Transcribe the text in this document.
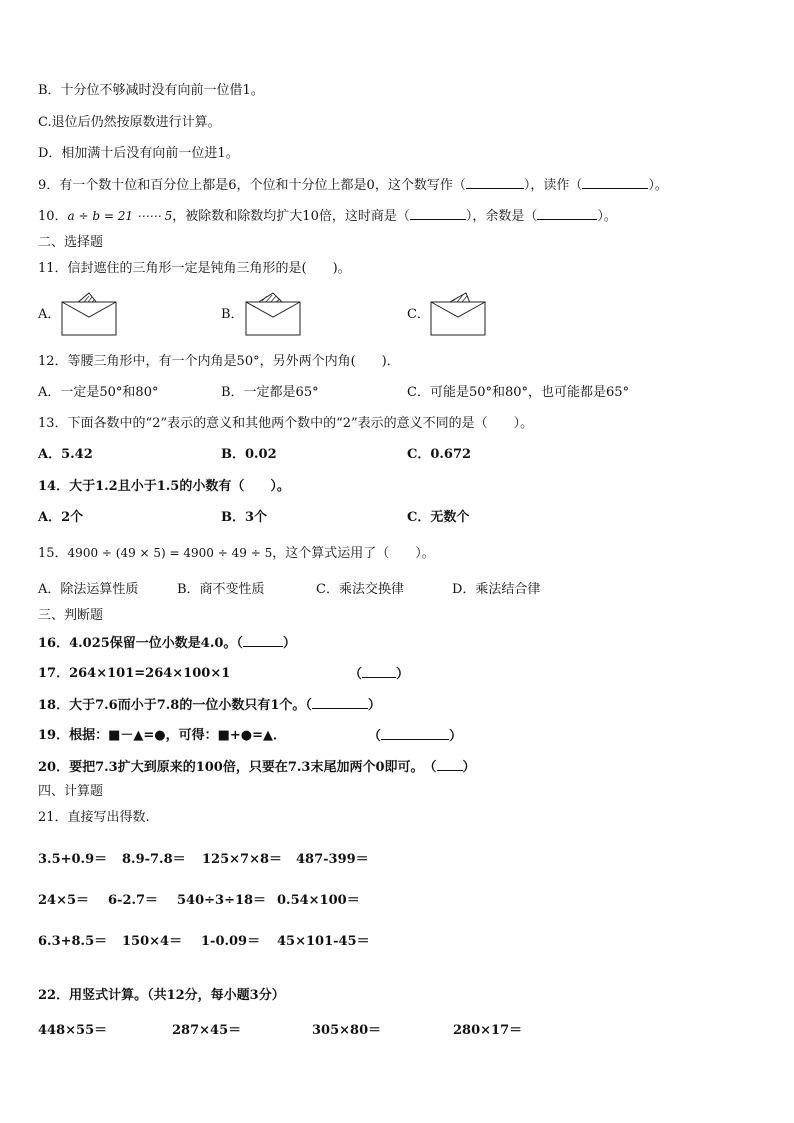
B．十分位不够减时没有向前一位借1。
C.退位后仍然按原数进行计算。
D．相加满十后没有向前一位进1。
9．有一个数十位和百分位上都是6，个位和十分位上都是0，这个数写作（	），读作（	）。
10．a ÷ b = 21 ⋯⋯ 5，被除数和除数均扩大10倍，这时商是（	），余数是（	）。
二、选择题
11．信封遮住的三角形一定是钝角三角形的是(　　)。
A．	B．	C．
12．等腰三角形中，有一个内角是50°，另外两个内角(　　)．
A．一定是50°和80°	B．一定都是65°	C．可能是50°和80°，也可能都是65°
13．下面各数中的“2”表示的意义和其他两个数中的“2”表示的意义不同的是（　　）。
A．5.42	B．0.02	C．0.672
14．大于1.2且小于1.5的小数有（　　）。
A．2个	B．3个	C．无数个
15．4900 ÷ (49 × 5) = 4900 ÷ 49 ÷ 5，这个算式运用了（　　）。
A．除法运算性质	B．商不变性质	C．乘法交换律	D．乘法结合律
三、判断题
16．4.025保留一位小数是4.0。（	）
17．264×101=264×100×1	（	）
18．大于7.6而小于7.8的一位小数只有1个。（	）
19．根据：■－▲=●，可得：■+●=▲．	（	）
20．要把7.3扩大到原来的100倍，只要在7.3末尾加两个0即可。　（ ）
四、计算题
21．直接写出得数.
3.5+0.9＝ 8.9-7.8＝ 125×7×8＝ 487-399＝
24×5＝ 6-2.7＝ 540÷3÷18＝ 0.54×100＝
6.3+8.5＝ 150×4＝ 1-0.09＝ 45×101-45＝
22．用竖式计算。（共12分，每小题3分）
448×55＝	287×45＝	305×80＝	280×17＝
